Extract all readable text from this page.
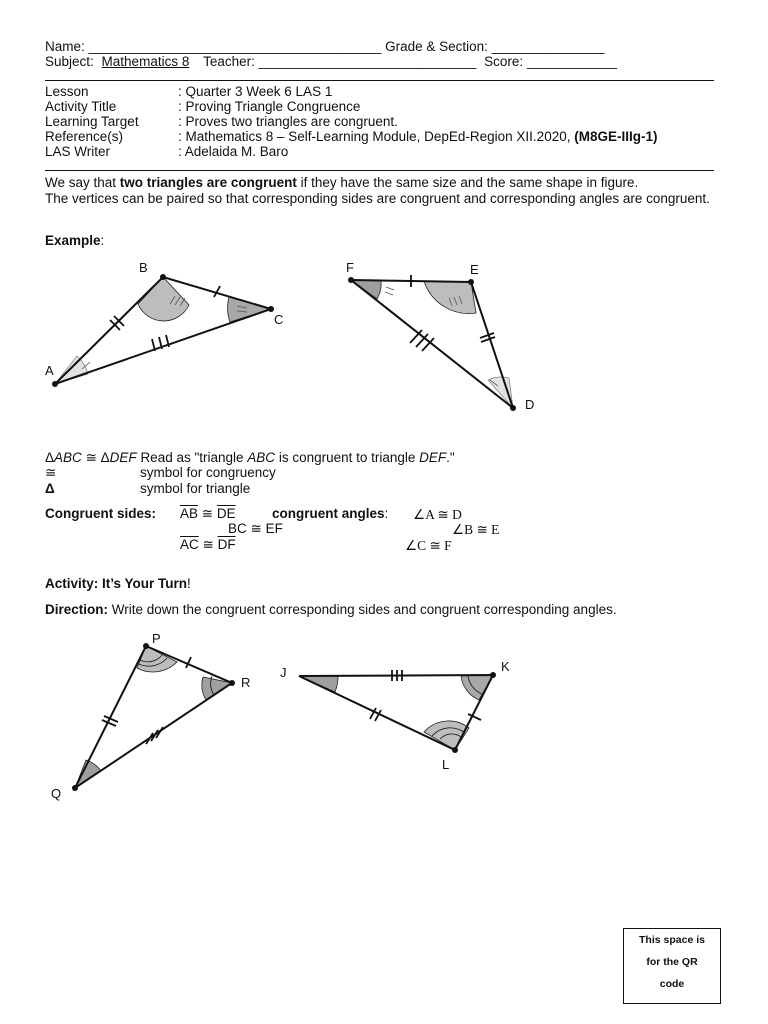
Name: _______________________________________ Grade & Section: _______________
Subject: Mathematics 8 Teacher: _____________________________ Score: ____________
Lesson	: Quarter 3 Week 6 LAS 1
Activity Title	: Proving Triangle Congruence
Learning Target	: Proves two triangles are congruent.
Reference(s)	: Mathematics 8 – Self-Learning Module, DepEd-Region XII.2020, (M8GE-IIIg-1)
LAS Writer	: Adelaida M. Baro
We say that two triangles are congruent if they have the same size and the same shape in figure.
The vertices can be paired so that corresponding sides are congruent and corresponding angles are congruent.
Example:
B
C
A
F	E
D
ΔABC ≅ ΔDEF Read as "triangle ABC is congruent to triangle DEF."
≅	symbol for congruency
Δ	symbol for triangle
Congruent sides: $\overline{AB}$ ≅ $\overline{DE}$	congruent angles: ∠A ≅ D
BC ≅ EF	∠B ≅ E
$\overline{AC}$ ≅ $\overline{DF}$	∠C ≅ F
Activity: It’s Your Turn!
Direction: Write down the congruent corresponding sides and congruent corresponding angles.
P
R
Q
J	K
L
This space is
for the QR
code
